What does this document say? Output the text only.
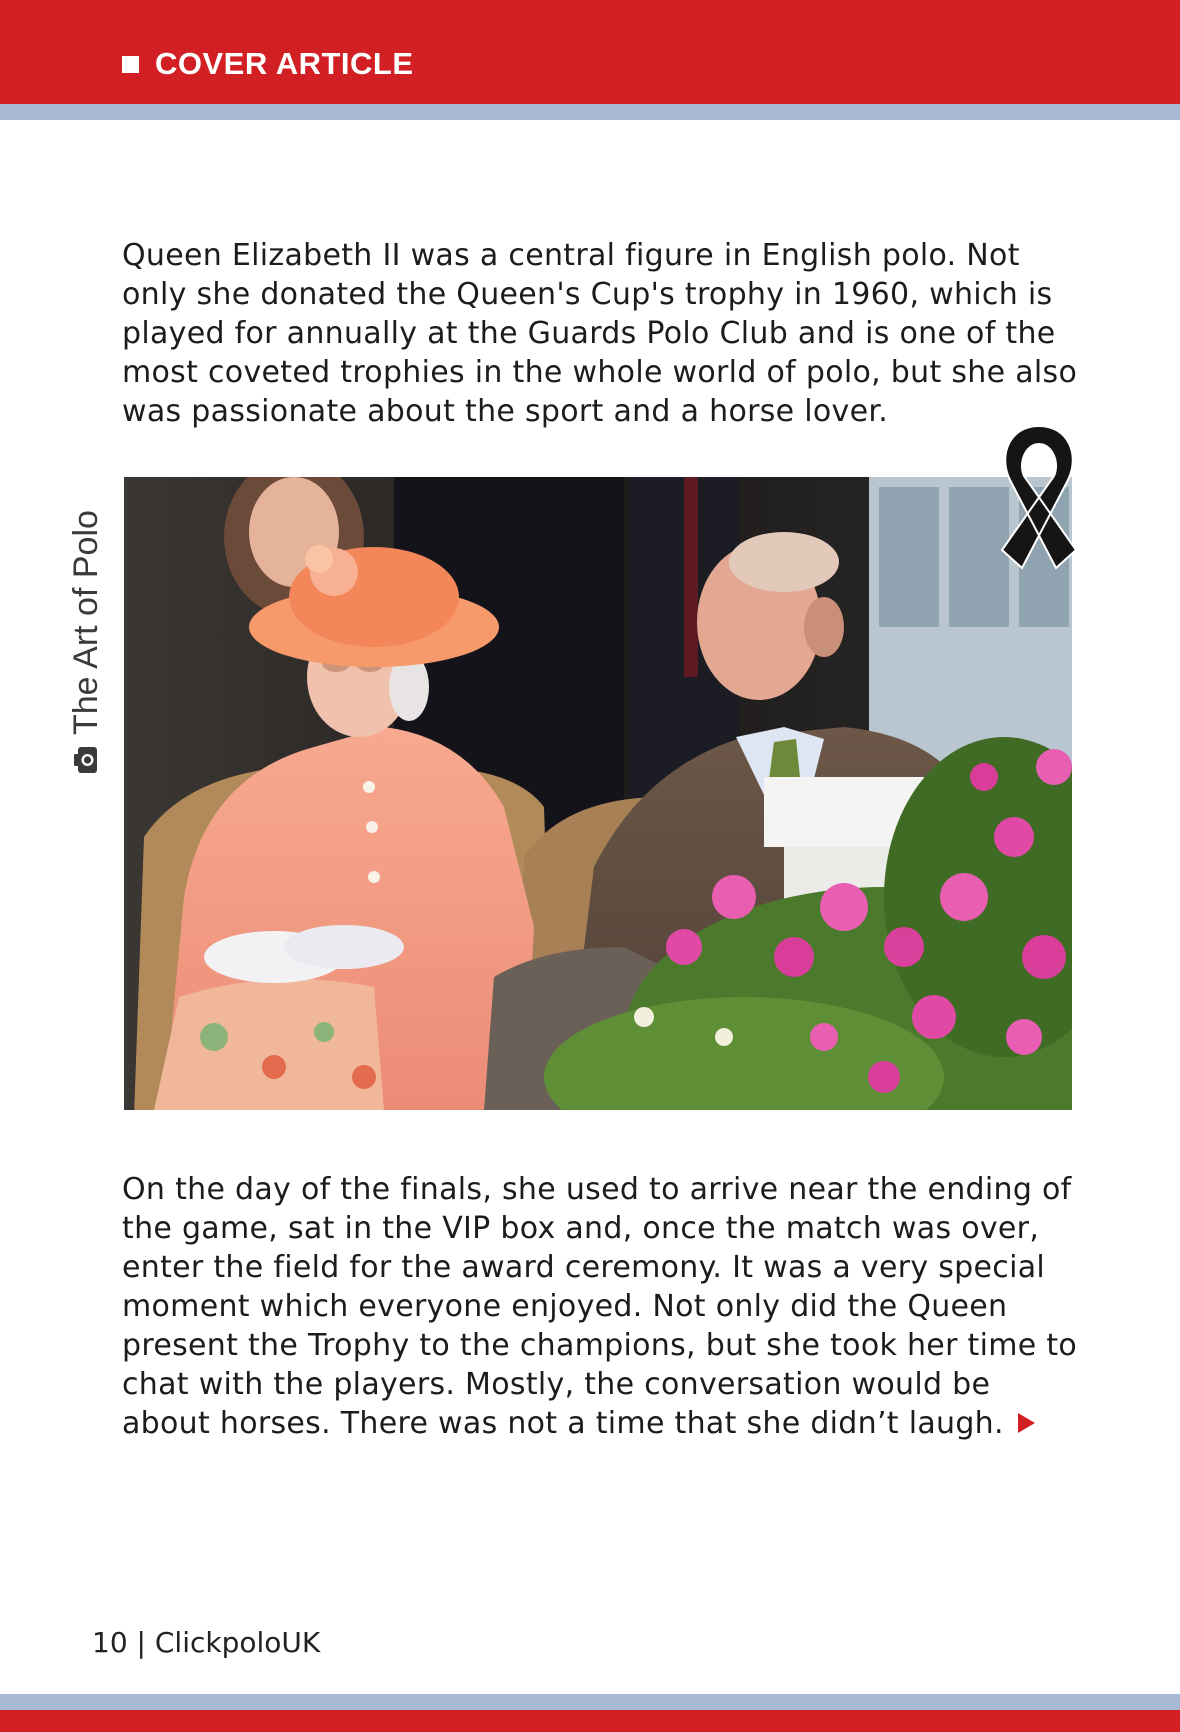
COVER ARTICLE

Queen Elizabeth II was a central figure in English polo. Not only she donated the Queen's Cup's trophy in 1960, which is played for annually at the Guards Polo Club and is one of the most coveted trophies in the whole world of polo, but she also was passionate about the sport and a horse lover.

The Art of Polo

On the day of the finals, she used to arrive near the ending of the game, sat in the VIP box and, once the match was over, enter the field for the award ceremony. It was a very special moment which everyone enjoyed. Not only did the Queen present the Trophy to the champions, but she took her time to chat with the players. Mostly, the conversation would be about horses. There was not a time that she didn’t laugh.

10 | ClickpoloUK
